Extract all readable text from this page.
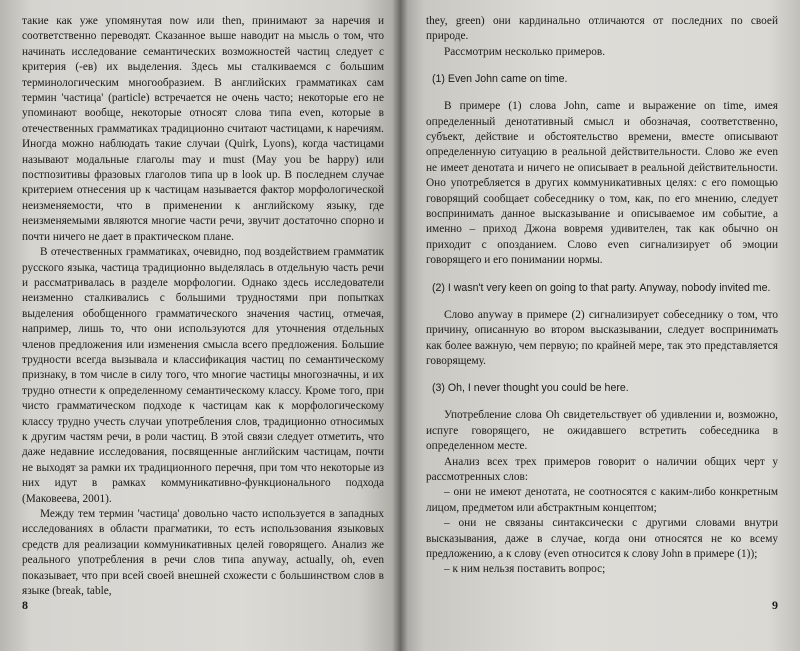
такие как уже упомянутая now или then, принимают за наречия и соответственно переводят. Сказанное выше наводит на мысль о том, что начинать исследование семантических возможностей частиц следует с критерия (-ев) их выделения. Здесь мы сталкиваемся с большим терминологическим многообразием. В английских грамматиках сам термин 'частица' (particle) встречается не очень часто; некоторые его не упоминают вообще, некоторые относят слова типа even, которые в отечественных грамматиках традиционно считают частицами, к наречиям. Иногда можно наблюдать такие случаи (Quirk, Lyons), когда частицами называют модальные глаголы may и must (May you be happy) или постпозитивы фразовых глаголов типа up в look up. В последнем случае критерием отнесения up к частицам называется фактор морфологической неизменяемости, что в применении к английскому языку, где неизменяемыми являются многие части речи, звучит достаточно спорно и почти ничего не дает в практическом плане.

В отечественных грамматиках, очевидно, под воздействием грамматик русского языка, частица традиционно выделялась в отдельную часть речи и рассматривалась в разделе морфологии. Однако здесь исследователи неизменно сталкивались с большими трудностями при попытках выделения обобщенного грамматического значения частиц, отмечая, например, лишь то, что они используются для уточнения отдельных членов предложения или изменения смысла всего предложения. Большие трудности всегда вызывала и классификация частиц по семантическому признаку, в том числе в силу того, что многие частицы многозначны, и их трудно отнести к определенному семантическому классу. Кроме того, при чисто грамматическом подходе к частицам как к морфологическому классу трудно учесть случаи употребления слов, традиционно относимых к другим частям речи, в роли частиц. В этой связи следует отметить, что даже недавние исследования, посвященные английским частицам, почти не выходят за рамки их традиционного перечня, при том что некоторые из них идут в рамках коммуникативно-функционального подхода (Маковеева, 2001).

Между тем термин 'частица' довольно часто используется в западных исследованиях в области прагматики, то есть использования языковых средств для реализации коммуникативных целей говорящего. Анализ же реального употребления в речи слов типа anyway, actually, oh, even показывает, что при всей своей внешней схожести с большинством слов в языке (break, table,

8

they, green) они кардинально отличаются от последних по своей природе.

Рассмотрим несколько примеров.

(1) Even John came on time.

В примере (1) слова John, came и выражение on time, имея определенный денотативный смысл и обозначая, соответственно, субъект, действие и обстоятельство времени, вместе описывают определенную ситуацию в реальной действительности. Слово же even не имеет денотата и ничего не описывает в реальной действительности. Оно употребляется в других коммуникативных целях: с его помощью говорящий сообщает собеседнику о том, как, по его мнению, следует воспринимать данное высказывание и описываемое им событие, а именно – приход Джона вовремя удивителен, так как обычно он приходит с опозданием. Слово even сигнализирует об эмоции говорящего и его понимании нормы.

(2) I wasn't very keen on going to that party. Anyway, nobody invited me.

Слово anyway в примере (2) сигнализирует собеседнику о том, что причину, описанную во втором высказывании, следует воспринимать как более важную, чем первую; по крайней мере, так это представляется говорящему.

(3) Oh, I never thought you could be here.

Употребление слова Oh свидетельствует об удивлении и, возможно, испуге говорящего, не ожидавшего встретить собеседника в определенном месте.

Анализ всех трех примеров говорит о наличии общих черт у рассмотренных слов:

– они не имеют денотата, не соотносятся с каким-либо конкретным лицом, предметом или абстрактным концептом;

– они не связаны синтаксически с другими словами внутри высказывания, даже в случае, когда они относятся не ко всему предложению, а к слову (even относится к слову John в примере (1));

– к ним нельзя поставить вопрос;

9
